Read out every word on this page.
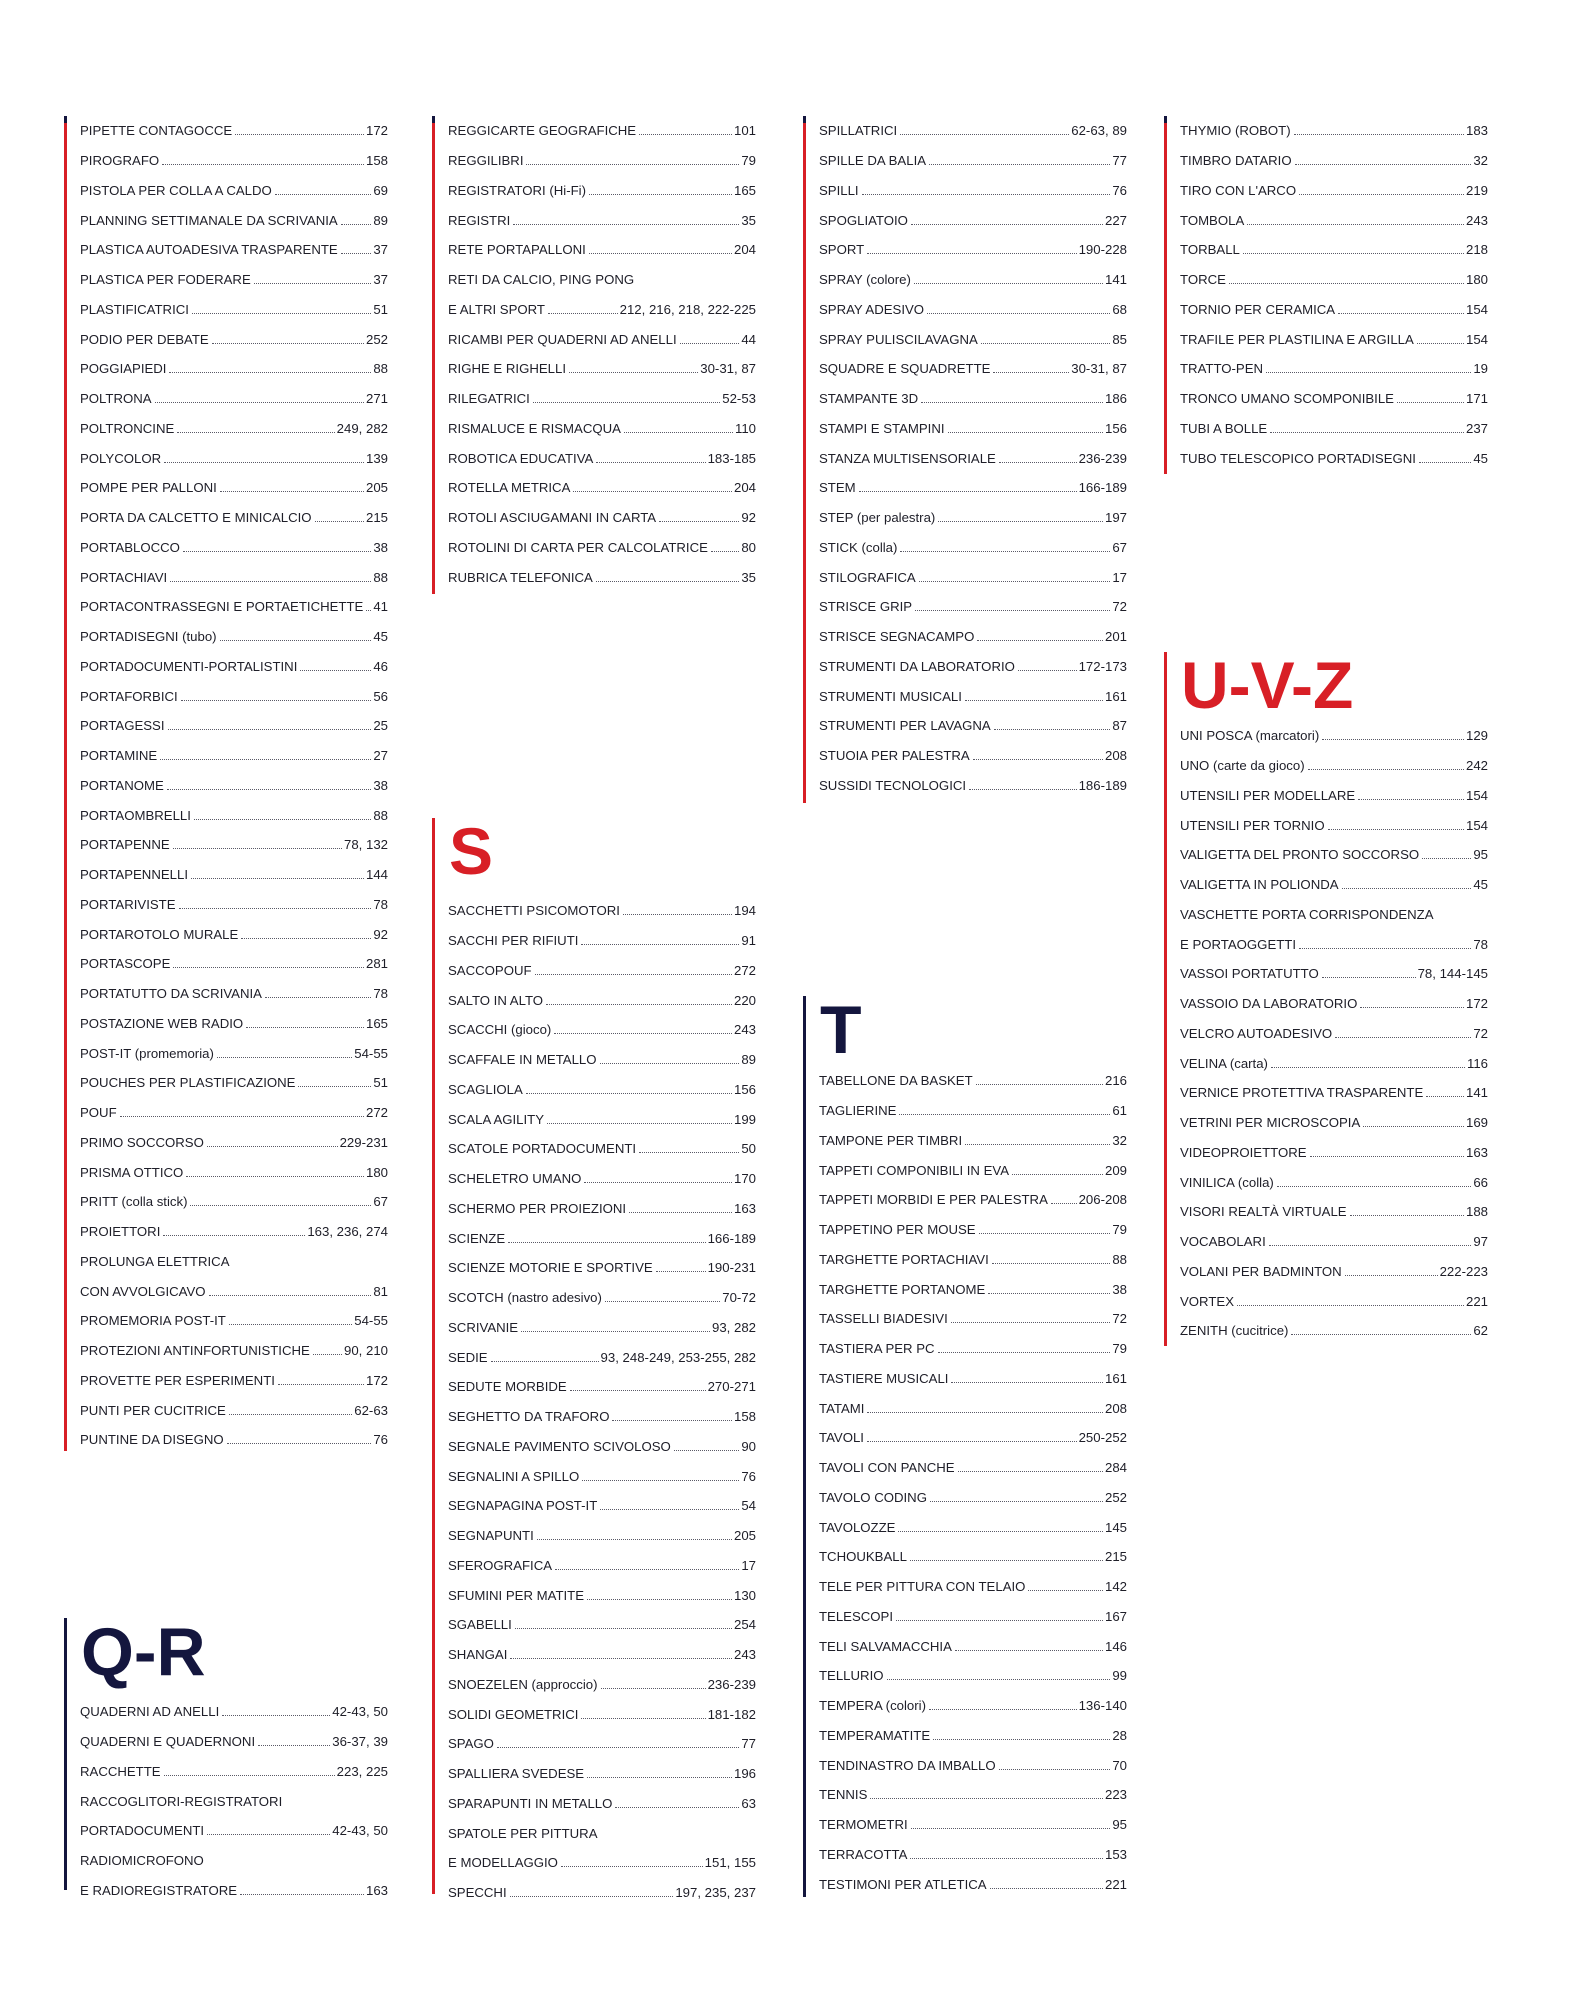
PIPETTE CONTAGOCCE	172
PIROGRAFO	158
PISTOLA PER COLLA A CALDO	69
PLANNING SETTIMANALE DA SCRIVANIA	89
PLASTICA AUTOADESIVA TRASPARENTE	37
PLASTICA PER FODERARE	37
PLASTIFICATRICI	51
PODIO PER DEBATE	252
POGGIAPIEDI	88
POLTRONA	271
POLTRONCINE	249, 282
POLYCOLOR	139
POMPE PER PALLONI	205
PORTA DA CALCETTO E MINICALCIO	215
PORTABLOCCO	38
PORTACHIAVI	88
PORTACONTRASSEGNI E PORTAETICHETTE 41
PORTADISEGNI (tubo)	45
PORTADOCUMENTI-PORTALISTINI	46
PORTAFORBICI	56
PORTAGESSI	25
PORTAMINE	27
PORTANOME	38
PORTAOMBRELLI	88
PORTAPENNE	78, 132
PORTAPENNELLI	144
PORTARIVISTE	78
PORTAROTOLO MURALE	92
PORTASCOPE	281
PORTATUTTO DA SCRIVANIA	78
POSTAZIONE WEB RADIO	165
POST-IT (promemoria)	54-55
POUCHES PER PLASTIFICAZIONE	51
POUF	272
PRIMO SOCCORSO	229-231
PRISMA OTTICO	180
PRITT (colla stick)	67
PROIETTORI	163, 236, 274
PROLUNGA ELETTRICA
CON AVVOLGICAVO	81
PROMEMORIA POST-IT	54-55
PROTEZIONI ANTINFORTUNISTICHE	90, 210
PROVETTE PER ESPERIMENTI	172
PUNTI PER CUCITRICE	62-63
PUNTINE DA DISEGNO	76
Q-R
QUADERNI AD ANELLI	42-43, 50
QUADERNI E QUADERNONI	36-37, 39
RACCHETTE	223, 225
RACCOGLITORI-REGISTRATORI
PORTADOCUMENTI	42-43, 50
RADIOMICROFONO
E RADIOREGISTRATORE	163
REGGICARTE GEOGRAFICHE	101
REGGILIBRI	79
REGISTRATORI (Hi-Fi)	165
REGISTRI	35
RETE PORTAPALLONI	204
RETI DA CALCIO, PING PONG
E ALTRI SPORT	212, 216, 218, 222-225
RICAMBI PER QUADERNI AD ANELLI	44
RIGHE E RIGHELLI	30-31, 87
RILEGATRICI	52-53
RISMALUCE E RISMACQUA	110
ROBOTICA EDUCATIVA	183-185
ROTELLA METRICA	204
ROTOLI ASCIUGAMANI IN CARTA	92
ROTOLINI DI CARTA PER CALCOLATRICE	80
RUBRICA TELEFONICA	35
S
SACCHETTI PSICOMOTORI	194
SACCHI PER RIFIUTI	91
SACCOPOUF	272
SALTO IN ALTO	220
SCACCHI (gioco)	243
SCAFFALE IN METALLO	89
SCAGLIOLA	156
SCALA AGILITY	199
SCATOLE PORTADOCUMENTI	50
SCHELETRO UMANO	170
SCHERMO PER PROIEZIONI	163
SCIENZE	166-189
SCIENZE MOTORIE E SPORTIVE	190-231
SCOTCH (nastro adesivo)	70-72
SCRIVANIE	93, 282
SEDIE	93, 248-249, 253-255, 282
SEDUTE MORBIDE	270-271
SEGHETTO DA TRAFORO	158
SEGNALE PAVIMENTO SCIVOLOSO	90
SEGNALINI A SPILLO	76
SEGNAPAGINA POST-IT	54
SEGNAPUNTI	205
SFEROGRAFICA	17
SFUMINI PER MATITE	130
SGABELLI	254
SHANGAI	243
SNOEZELEN (approccio)	236-239
SOLIDI GEOMETRICI	181-182
SPAGO	77
SPALLIERA SVEDESE	196
SPARAPUNTI IN METALLO	63
SPATOLE PER PITTURA
E MODELLAGGIO	151, 155
SPECCHI	197, 235, 237
SPILLATRICI	62-63, 89
SPILLE DA BALIA	77
SPILLI	76
SPOGLIATOIO	227
SPORT	190-228
SPRAY (colore)	141
SPRAY ADESIVO	68
SPRAY PULISCILAVAGNA	85
SQUADRE E SQUADRETTE	30-31, 87
STAMPANTE 3D	186
STAMPI E STAMPINI	156
STANZA MULTISENSORIALE	236-239
STEM	166-189
STEP (per palestra)	197
STICK (colla)	67
STILOGRAFICA	17
STRISCE GRIP	72
STRISCE SEGNACAMPO	201
STRUMENTI DA LABORATORIO	172-173
STRUMENTI MUSICALI	161
STRUMENTI PER LAVAGNA	87
STUOIA PER PALESTRA	208
SUSSIDI TECNOLOGICI	186-189
T
TABELLONE DA BASKET	216
TAGLIERINE	61
TAMPONE PER TIMBRI	32
TAPPETI COMPONIBILI IN EVA	209
TAPPETI MORBIDI E PER PALESTRA 206-208
TAPPETINO PER MOUSE	79
TARGHETTE PORTACHIAVI	88
TARGHETTE PORTANOME	38
TASSELLI BIADESIVI	72
TASTIERA PER PC	79
TASTIERE MUSICALI	161
TATAMI	208
TAVOLI	250-252
TAVOLI CON PANCHE	284
TAVOLO CODING	252
TAVOLOZZE	145
TCHOUKBALL	215
TELE PER PITTURA CON TELAIO	142
TELESCOPI	167
TELI SALVAMACCHIA	146
TELLURIO	99
TEMPERA (colori)	136-140
TEMPERAMATITE	28
TENDINASTRO DA IMBALLO	70
TENNIS	223
TERMOMETRI	95
TERRACOTTA	153
TESTIMONI PER ATLETICA	221
THYMIO (ROBOT)	183
TIMBRO DATARIO	32
TIRO CON L'ARCO	219
TOMBOLA	243
TORBALL	218
TORCE	180
TORNIO PER CERAMICA	154
TRAFILE PER PLASTILINA E ARGILLA	154
TRATTO-PEN	19
TRONCO UMANO SCOMPONIBILE	171
TUBI A BOLLE	237
TUBO TELESCOPICO PORTADISEGNI	45
U-V-Z
UNI POSCA (marcatori)	129
UNO (carte da gioco)	242
UTENSILI PER MODELLARE	154
UTENSILI PER TORNIO	154
VALIGETTA DEL PRONTO SOCCORSO	95
VALIGETTA IN POLIONDA	45
VASCHETTE PORTA CORRISPONDENZA
E PORTAOGGETTI	78
VASSOI PORTATUTTO	78, 144-145
VASSOIO DA LABORATORIO	172
VELCRO AUTOADESIVO	72
VELINA (carta)	116
VERNICE PROTETTIVA TRASPARENTE	141
VETRINI PER MICROSCOPIA	169
VIDEOPROIETTORE	163
VINILICA (colla)	66
VISORI REALTÀ VIRTUALE	188
VOCABOLARI	97
VOLANI PER BADMINTON	222-223
VORTEX	221
ZENITH (cucitrice)	62
